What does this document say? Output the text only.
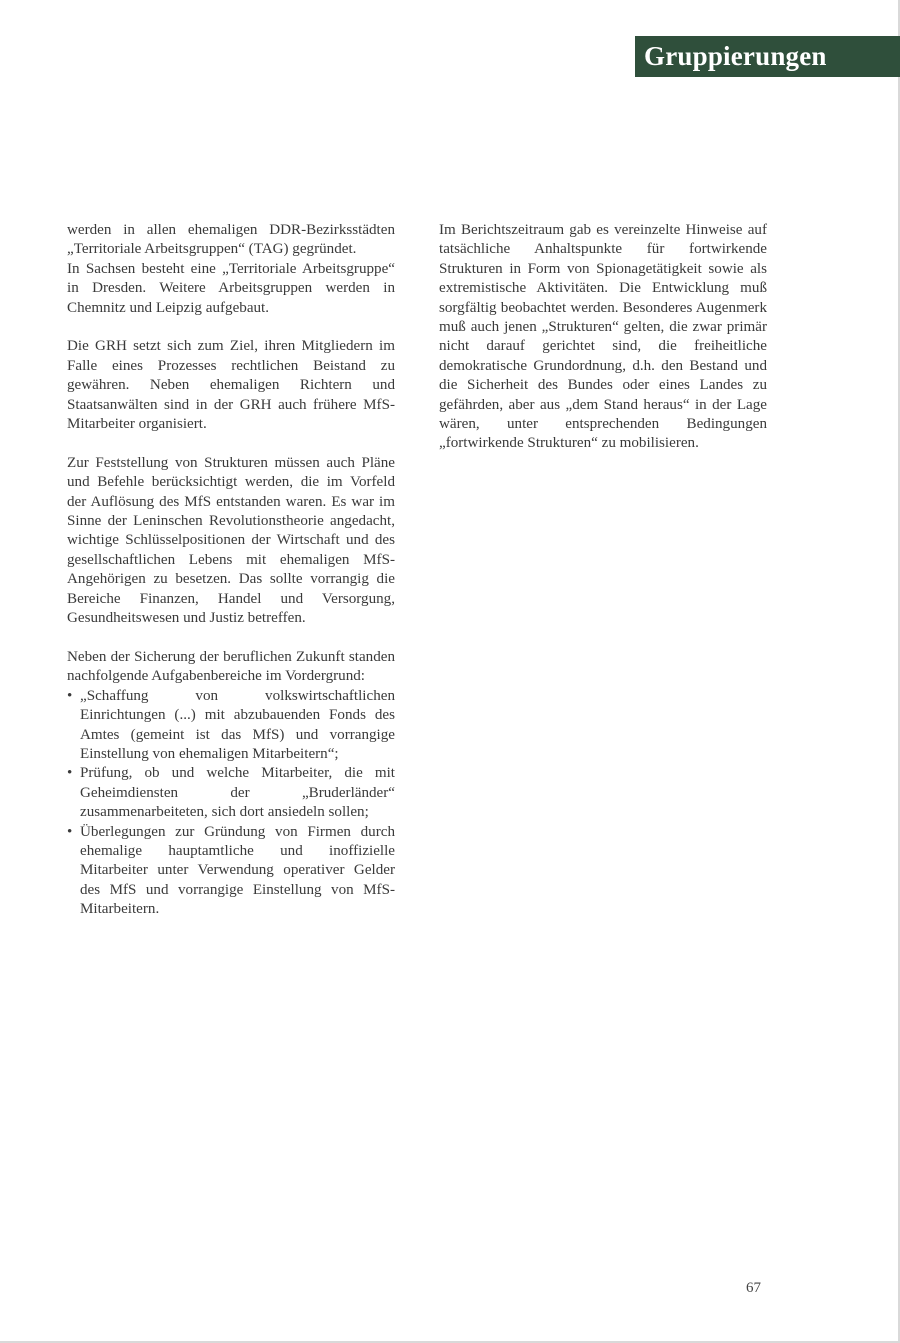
Gruppierungen

werden in allen ehemaligen DDR-Bezirksstädten „Territoriale Arbeitsgruppen“ (TAG) gegründet.

In Sachsen besteht eine „Territoriale Arbeitsgruppe“ in Dresden. Weitere Arbeitsgruppen werden in Chemnitz und Leipzig aufgebaut.

Die GRH setzt sich zum Ziel, ihren Mitgliedern im Falle eines Prozesses rechtlichen Beistand zu gewähren. Neben ehemaligen Richtern und Staatsanwälten sind in der GRH auch frühere MfS-Mitarbeiter organisiert.

Zur Feststellung von Strukturen müssen auch Pläne und Befehle berücksichtigt werden, die im Vorfeld der Auflösung des MfS entstanden waren. Es war im Sinne der Leninschen Revolutionstheorie angedacht, wichtige Schlüsselpositionen der Wirtschaft und des gesellschaftlichen Lebens mit ehemaligen MfS-Angehörigen zu besetzen. Das sollte vorrangig die Bereiche Finanzen, Handel und Versorgung, Gesundheitswesen und Justiz betreffen.

Neben der Sicherung der beruflichen Zukunft standen nachfolgende Aufgabenbereiche im Vordergrund:

• „Schaffung von volkswirtschaftlichen Einrichtungen (...) mit abzubauenden Fonds des Amtes (gemeint ist das MfS) und vorrangige Einstellung von ehemaligen Mitarbeitern“;
• Prüfung, ob und welche Mitarbeiter, die mit Geheimdiensten der „Bruderländer“ zusammenarbeiteten, sich dort ansiedeln sollen;
• Überlegungen zur Gründung von Firmen durch ehemalige hauptamtliche und inoffizielle Mitarbeiter unter Verwendung operativer Gelder des MfS und vorrangige Einstellung von MfS-Mitarbeitern.

Im Berichtszeitraum gab es vereinzelte Hinweise auf tatsächliche Anhaltspunkte für fortwirkende Strukturen in Form von Spionagetätigkeit sowie als extremistische Aktivitäten. Die Entwicklung muß sorgfältig beobachtet werden. Besonderes Augenmerk muß auch jenen „Strukturen“ gelten, die zwar primär nicht darauf gerichtet sind, die freiheitliche demokratische Grundordnung, d.h. den Bestand und die Sicherheit des Bundes oder eines Landes zu gefährden, aber aus „dem Stand heraus“ in der Lage wären, unter entsprechenden Bedingungen „fortwirkende Strukturen“ zu mobilisieren.

67
